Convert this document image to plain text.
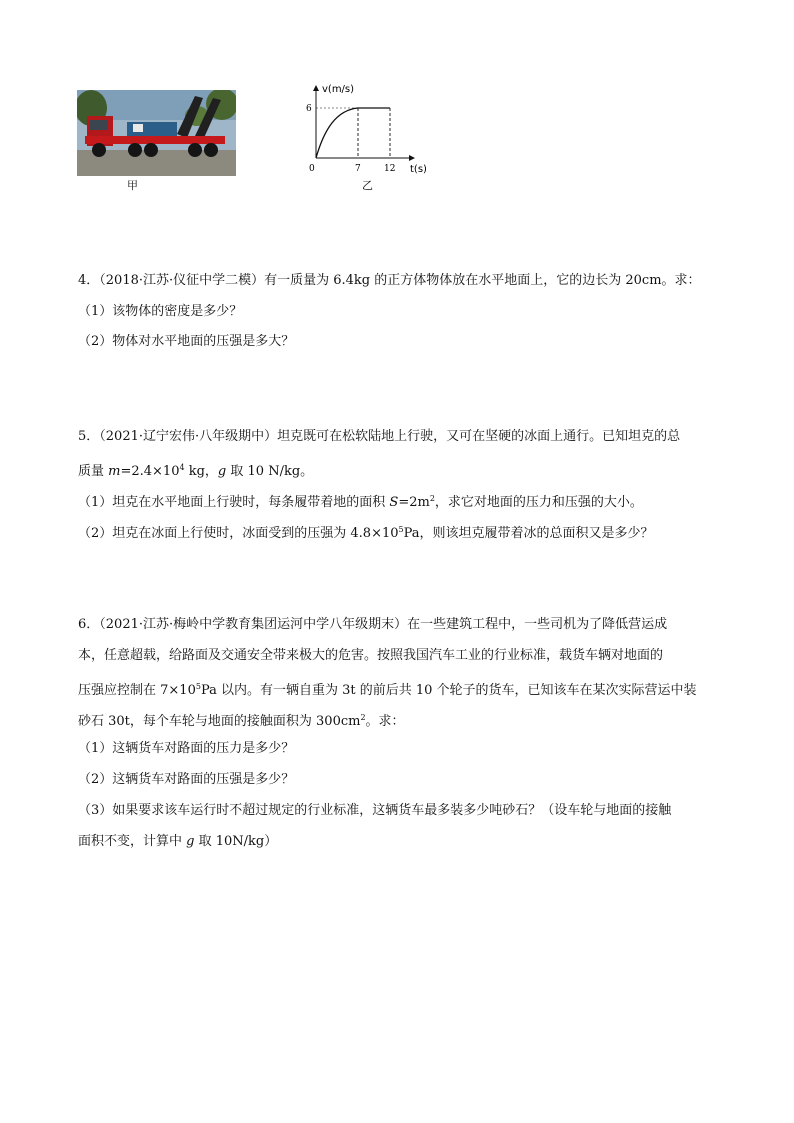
甲
v(m/s)
t(s)
0
6
7	12
乙
4．（2018·江苏·仪征中学二模）有一质量为 6.4kg 的正方体物体放在水平地面上，它的边长为 20cm。求：
（1）该物体的密度是多少？
（2）物体对水平地面的压强是多大？
5．（2021·辽宁宏伟·八年级期中）坦克既可在松软陆地上行驶，又可在坚硬的冰面上通行。已知坦克的总
质量 $m=2.4\times 10^4$ kg，g 取 10 N/kg。
（1）坦克在水平地面上行驶时，每条履带着地的面积 $S=2m^2$，求它对地面的压力和压强的大小。
（2）坦克在冰面上行使时，冰面受到的压强为 $4.8\times 10^5Pa$，则该坦克履带着冰的总面积又是多少？
6．（2021·江苏·梅岭中学教育集团运河中学八年级期末）在一些建筑工程中，一些司机为了降低营运成
本，任意超载，给路面及交通安全带来极大的危害。按照我国汽车工业的行业标准，载货车辆对地面的
压强应控制在 $7\times 10^5Pa$ 以内。有一辆自重为 3t 的前后共 10 个轮子的货车，已知该车在某次实际营运中装
砂石 30t，每个车轮与地面的接触面积为 $300cm^2$。求：
（1）这辆货车对路面的压力是多少？
（2）这辆货车对路面的压强是多少？
（3）如果要求该车运行时不超过规定的行业标准，这辆货车最多装多少吨砂石？（设车轮与地面的接触
面积不变，计算中 g 取 10N/kg）
